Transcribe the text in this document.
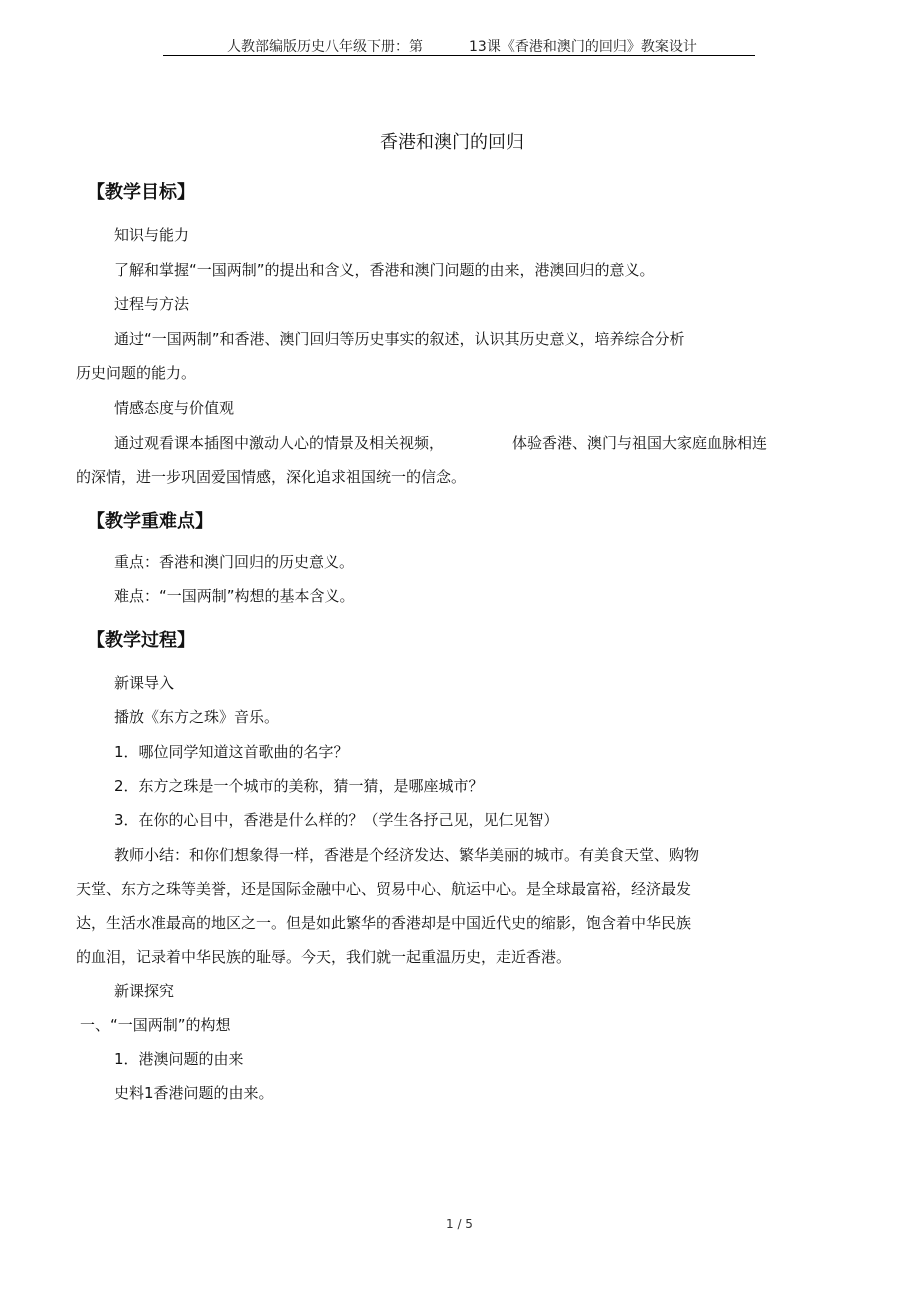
人教部编版历史八年级下册：第	13课《香港和澳门的回归》教案设计
香港和澳门的回归
【教学目标】
知识与能力
了解和掌握“一国两制”的提出和含义，香港和澳门问题的由来，港澳回归的意义。
过程与方法
通过“一国两制”和香港、澳门回归等历史事实的叙述，认识其历史意义，培养综合分析
历史问题的能力。
情感态度与价值观
通过观看课本插图中激动人心的情景及相关视频，	体验香港、澳门与祖国大家庭血脉相连
的深情，进一步巩固爱国情感，深化追求祖国统一的信念。
【教学重难点】
重点：香港和澳门回归的历史意义。
难点：“一国两制”构想的基本含义。
【教学过程】
新课导入
播放《东方之珠》音乐。
1．哪位同学知道这首歌曲的名字？
2．东方之珠是一个城市的美称，猜一猜，是哪座城市？
3．在你的心目中，香港是什么样的？（学生各抒己见，见仁见智）
教师小结：和你们想象得一样，香港是个经济发达、繁华美丽的城市。有美食天堂、购物
天堂、东方之珠等美誉，还是国际金融中心、贸易中心、航运中心。是全球最富裕，经济最发
达，生活水准最高的地区之一。但是如此繁华的香港却是中国近代史的缩影，饱含着中华民族
的血泪，记录着中华民族的耻辱。今天，我们就一起重温历史，走近香港。
新课探究
一、“一国两制”的构想
1．港澳问题的由来
史料1香港问题的由来。
1 / 5
